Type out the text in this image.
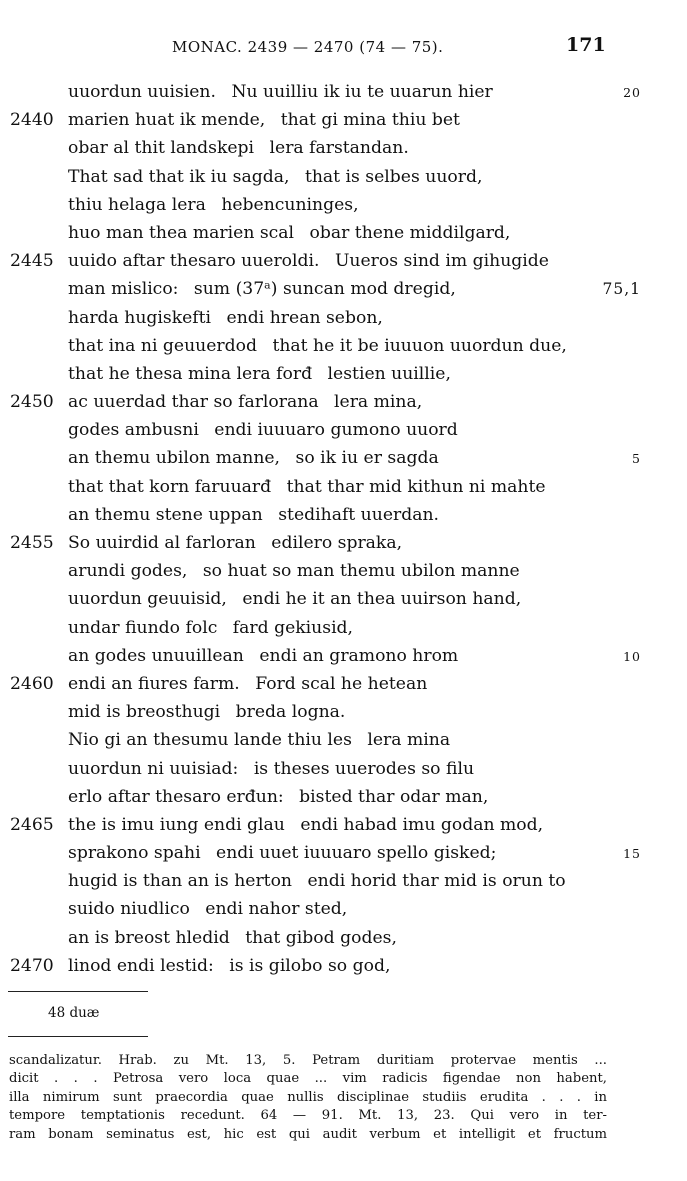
MONAC. 2439 — 2470 (74 — 75).	171
uuordun uuisien. Nu uuilliu ik iu te uuarun hier	20
2440 marien huat ik mende, that gi mina thiu bet
obar al thit landskepi lera farstandan.
That sad that ik iu sagda, that is selbes uuord,
thiu helaga lera hebencuninges,
huo man thea marien scal obar thene middilgard,
2445 uuido aftar thesaro uueroldi. Uueros sind im gihugide
man mislico: sum (37ᵃ) suncan mod dregid,	75,1
harda hugiskefti endi hrean sebon,
that ina ni geuuerdod that he it be iuuuon uuordun due,
that he thesa mina lera forđ lestien uuillie,
2450 ac uuerdad thar so farlorana lera mina,
godes ambusni endi iuuuaro gumono uuord
an themu ubilon manne, so ik iu er sagda	5
that that korn faruuarđ that thar mid kithun ni mahte
an themu stene uppan stedihaft uuerdan.
2455 So uuirdid al farloran edilero spraka,
arundi godes, so huat so man themu ubilon manne
uuordun geuuisid, endi he it an thea uuirson hand,
undar fiundo folc fard gekiusid,
an godes unuuillean endi an gramono hrom	10
2460 endi an fiures farm. Ford scal he hetean
mid is breosthugi breda logna.
Nio gi an thesumu lande thiu les lera mina
uuordun ni uuisiad: is theses uuerodes so filu
erlo aftar thesaro erđun: bisted thar odar man,
2465 the is imu iung endi glau endi habad imu godan mod,
sprakono spahi endi uuet iuuuaro spello gisked;	15
hugid is than an is herton endi horid thar mid is orun to
suido niudlico endi nahor sted,
an is breost hledid that gibod godes,
2470 linod endi lestid: is is gilobo so god,
48 duæ
scandalizatur. Hrab. zu Mt. 13, 5. Petram duritiam protervae mentis ...
dicit . . . Petrosa vero loca quae ... vim radicis figendae non habent,
illa nimirum sunt praecordia quae nullis disciplinae studiis erudita . . . in
tempore temptationis recedunt. 64 — 91. Mt. 13, 23. Qui vero in ter-
ram bonam seminatus est, hic est qui audit verbum et intelligit et fructum
